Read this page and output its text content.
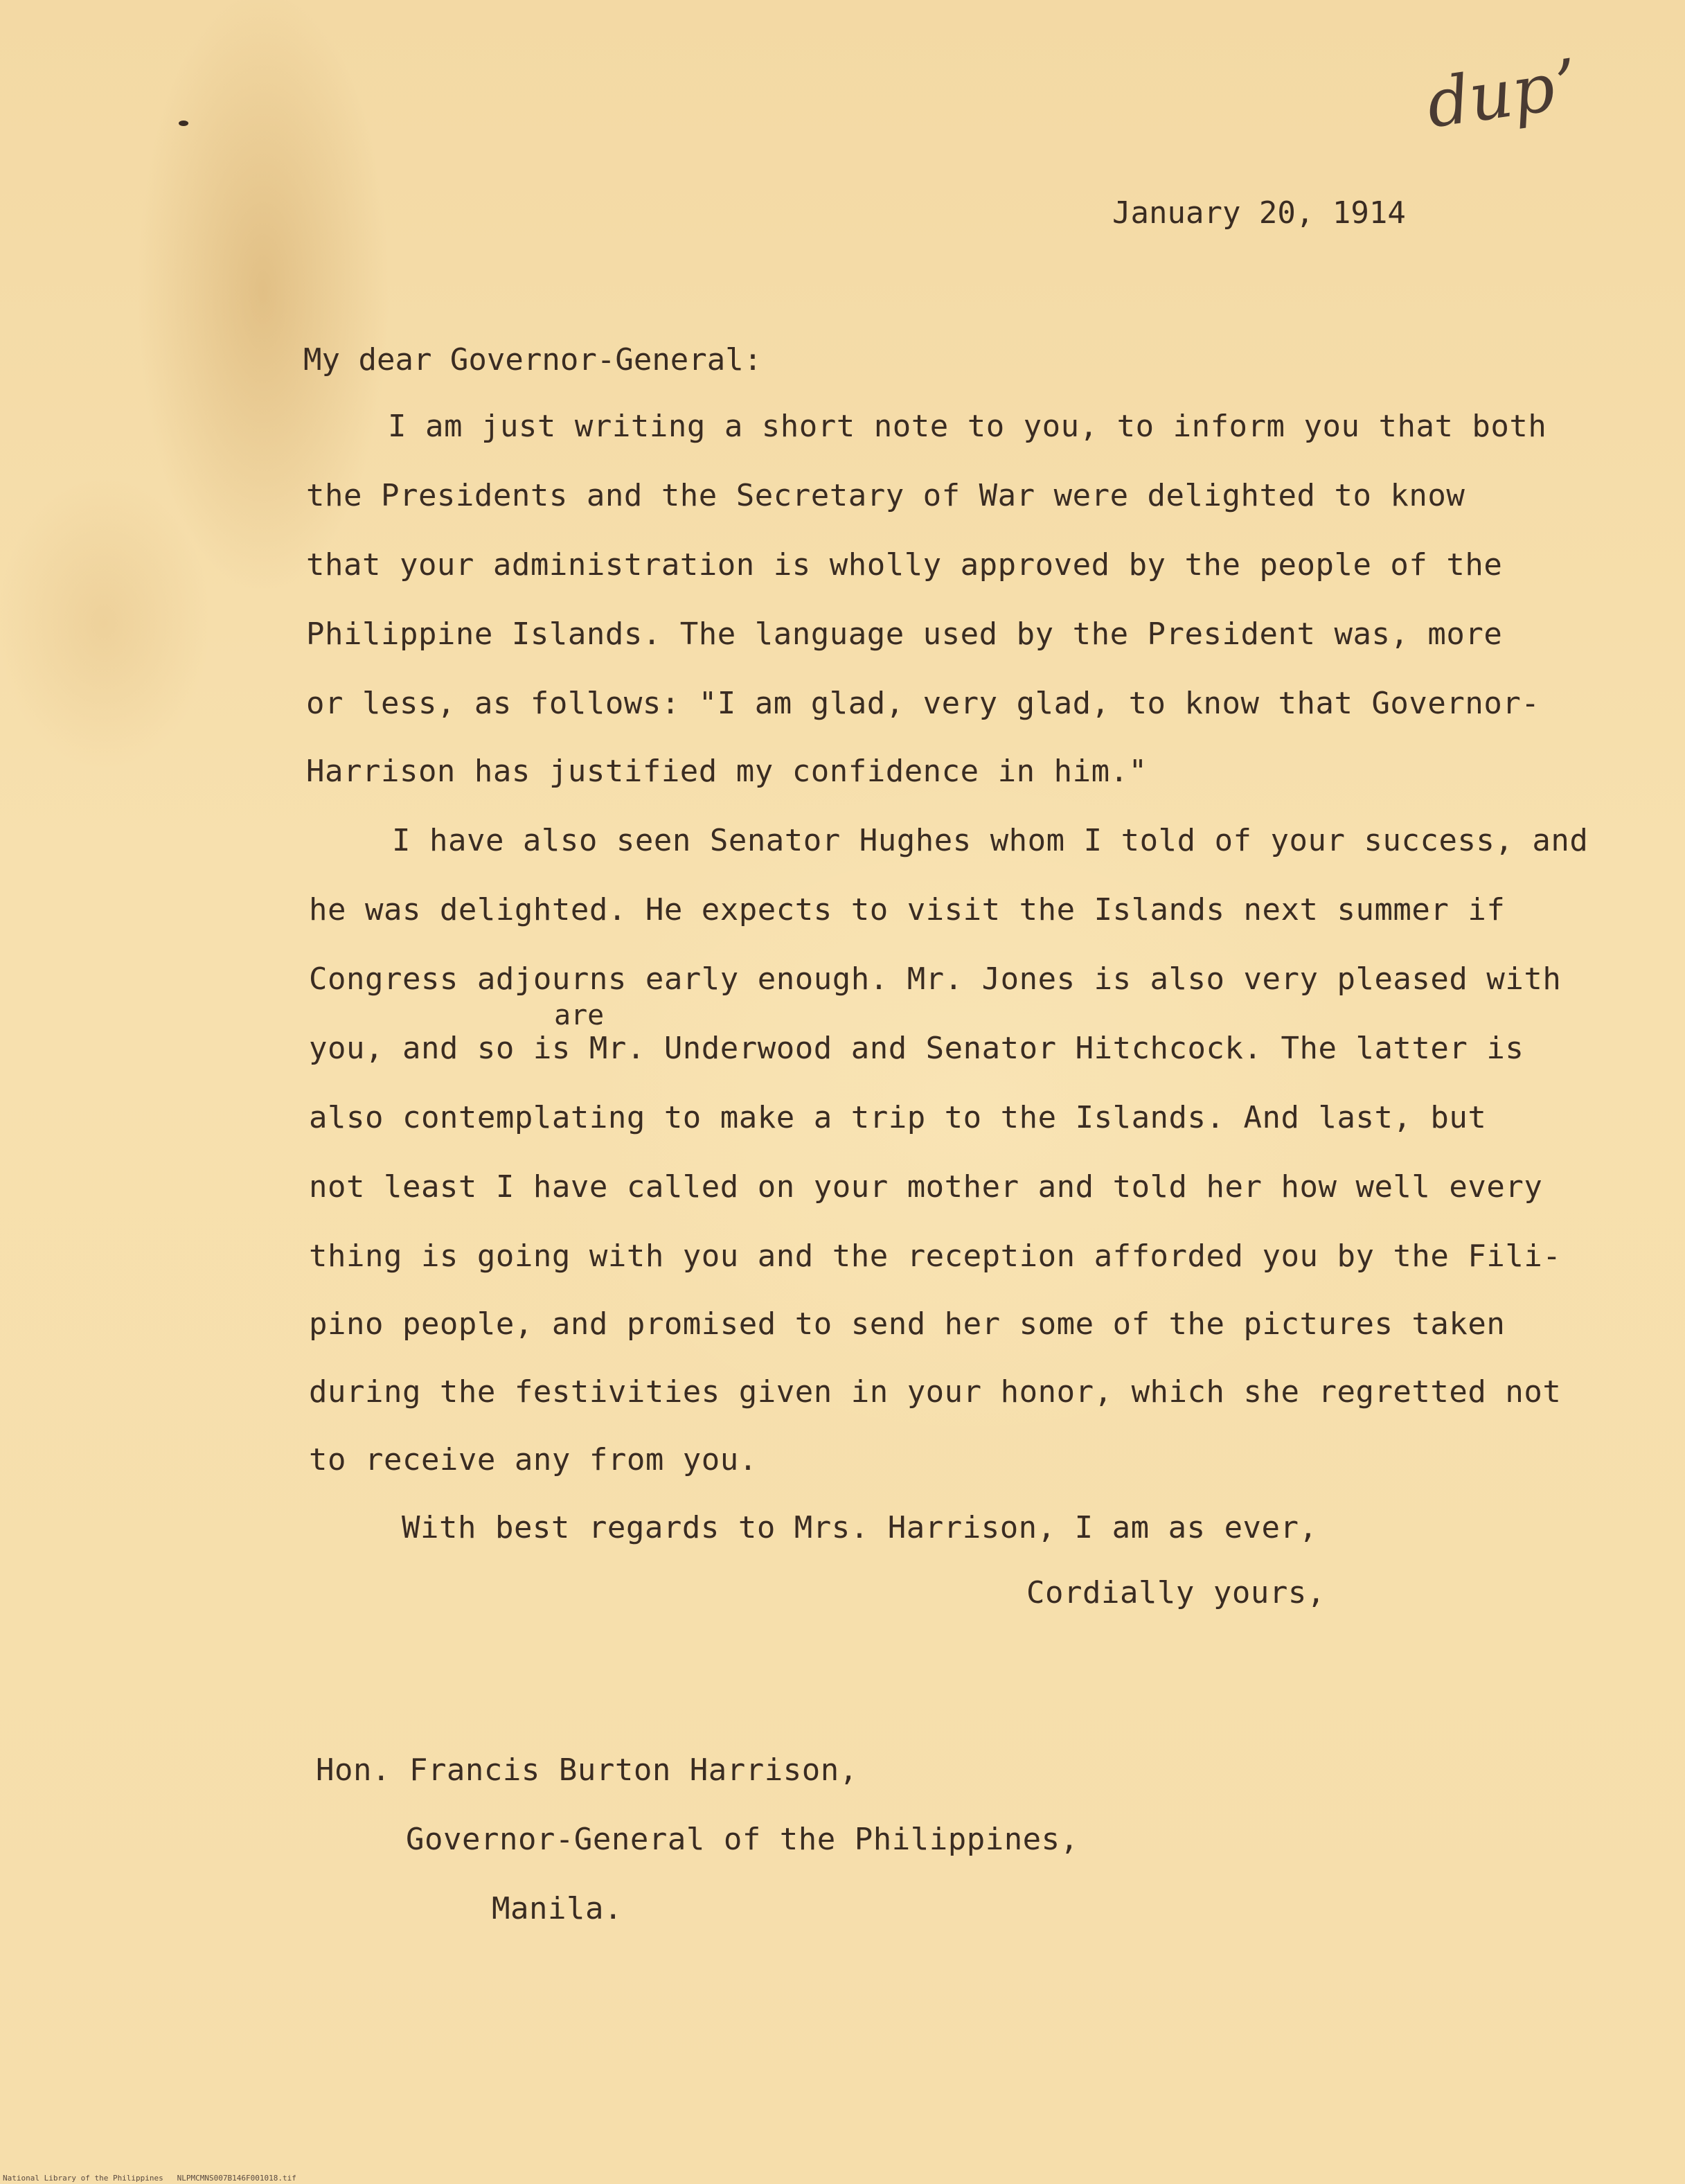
dupʼ
January 20, 1914
My dear Governor-General:
I am just writing a short note to you, to inform you that both
the Presidents and the Secretary of War were delighted to know
that your administration is wholly approved by the people of the
Philippine Islands. The language used by the President was, more
or less, as follows: "I am glad, very glad, to know that Governor-
Harrison has justified my confidence in him."
I have also seen Senator Hughes whom I told of your success, and
he was delighted. He expects to visit the Islands next summer if
Congress adjourns early enough. Mr. Jones is also very pleased with
are
you, and so is Mr. Underwood and Senator Hitchcock. The latter is
also contemplating to make a trip to the Islands. And last, but
not least I have called on your mother and told her how well every
thing is going with you and the reception afforded you by the Fili-
pino people, and promised to send her some of the pictures taken
during the festivities given in your honor, which she regretted not
to receive any from you.
With best regards to Mrs. Harrison, I am as ever,
Cordially yours,
Hon. Francis Burton Harrison,
Governor-General of the Philippines,
Manila.
National Library of the Philippines   NLPMCMNS007B146F001018.tif
